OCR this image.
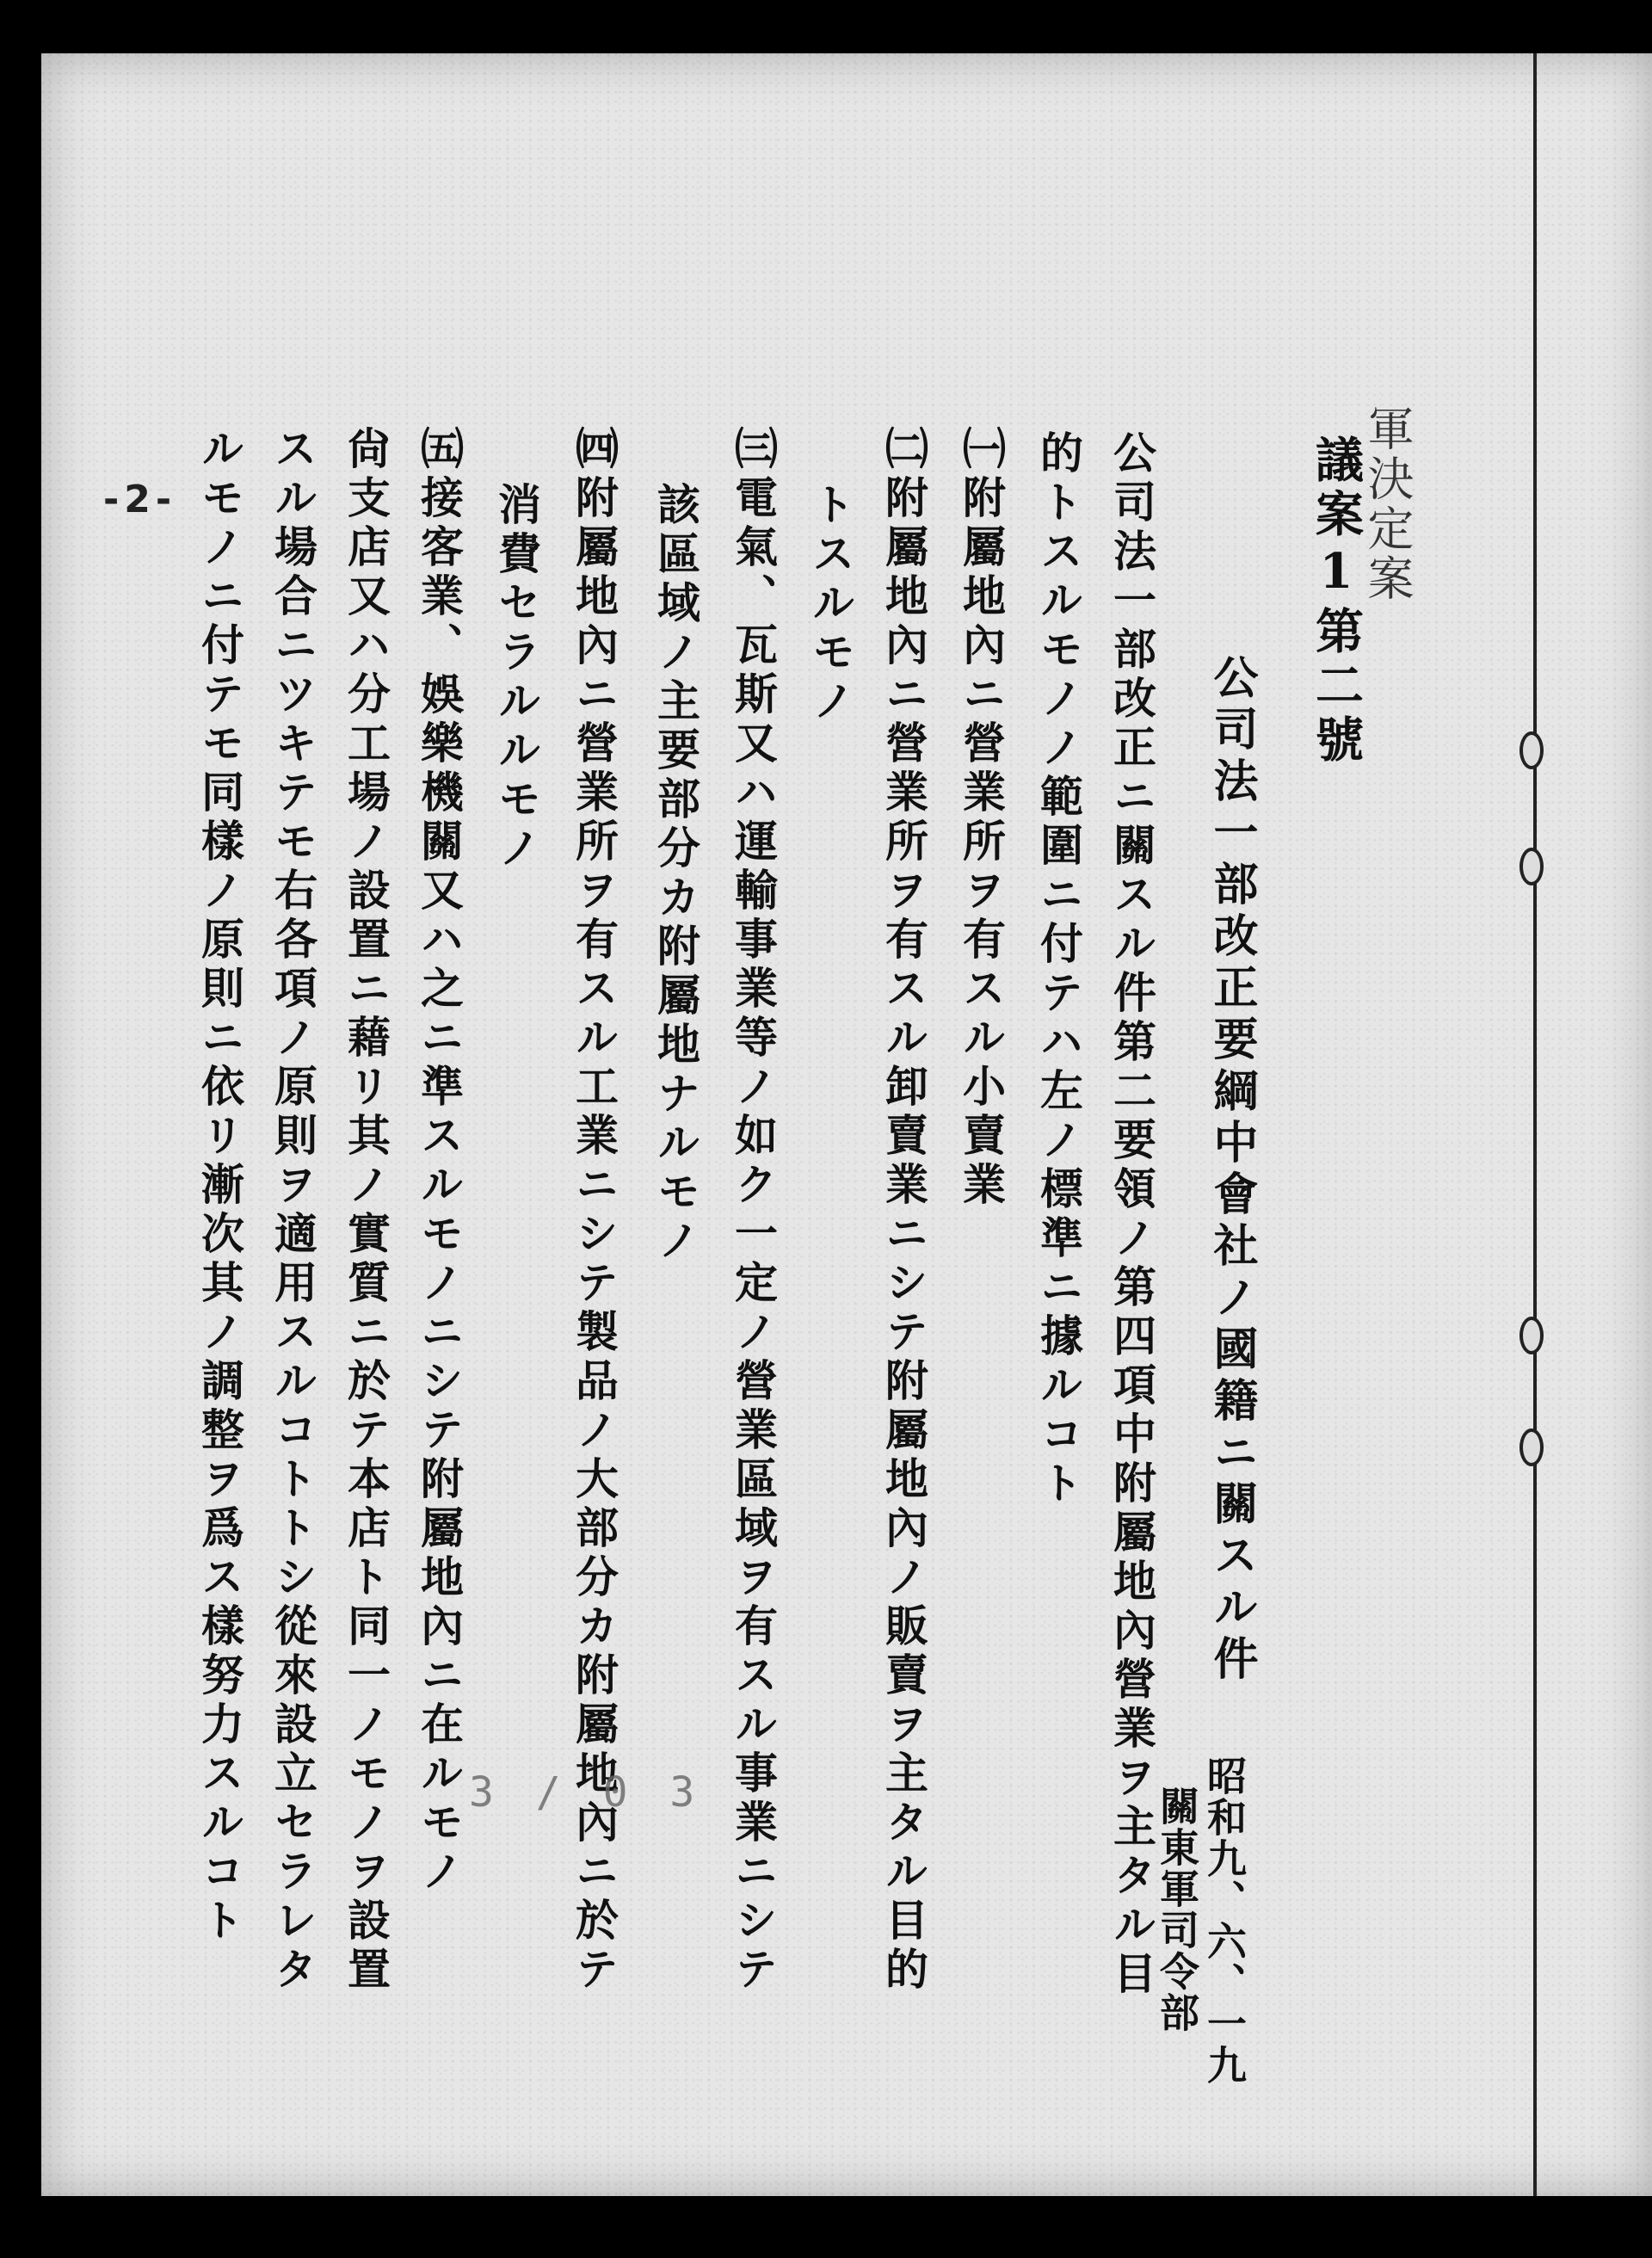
軍決定案
議案1第二號
公司法一部改正要綱中會社ノ國籍ニ關スル件
昭和九、六、一九
關東軍司令部
公司法一部改正ニ關スル件第二要領ノ第四項中附屬地內營業ヲ主タル目
的トスルモノノ範圍ニ付テハ左ノ標準ニ據ルコト
㈠附屬地內ニ營業所ヲ有スル小賣業
㈡附屬地內ニ營業所ヲ有スル卸賣業ニシテ附屬地內ノ販賣ヲ主タル目的
トスルモノ
㈢電氣、瓦斯又ハ運輸事業等ノ如ク一定ノ營業區域ヲ有スル事業ニシテ
該區域ノ主要部分カ附屬地ナルモノ
㈣附屬地內ニ營業所ヲ有スル工業ニシテ製品ノ大部分カ附屬地內ニ於テ
消費セラルルモノ
㈤接客業、娛樂機關又ハ之ニ準スルモノニシテ附屬地內ニ在ルモノ
尙支店又ハ分工場ノ設置ニ藉リ其ノ實質ニ於テ本店ト同一ノモノヲ設置
スル場合ニツキテモ右各項ノ原則ヲ適用スルコトトシ從來設立セラレタ
ルモノニ付テモ同樣ノ原則ニ依リ漸次其ノ調整ヲ爲ス樣努力スルコト
-2-
3 / 0 3
